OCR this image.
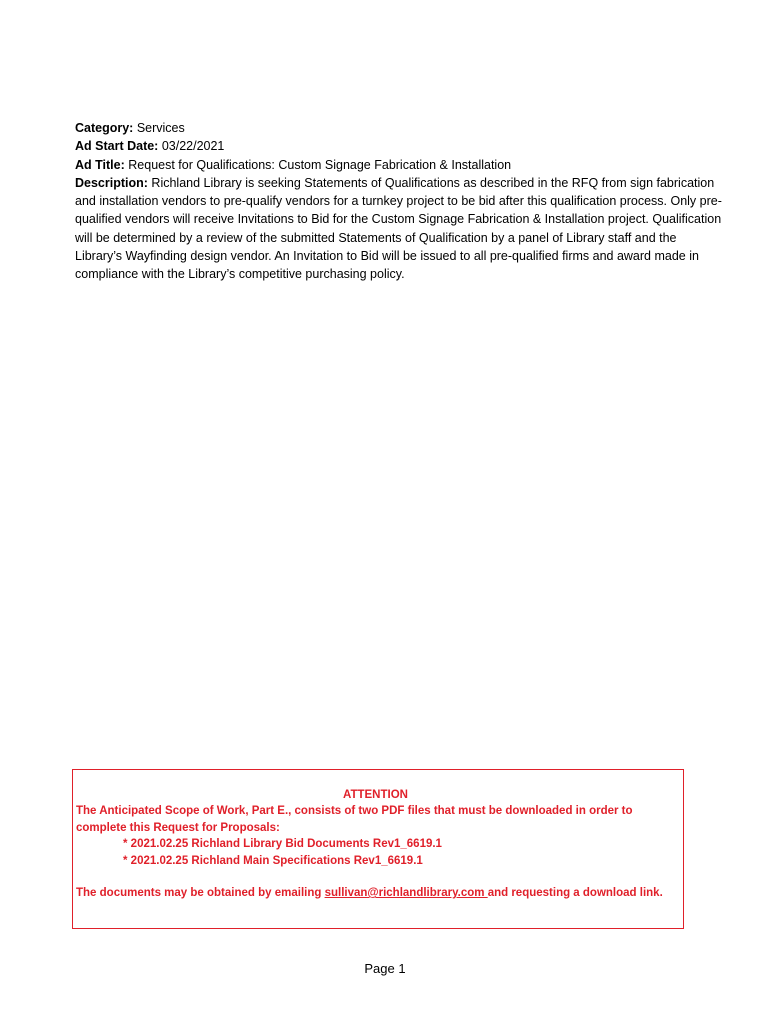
Category: Services

Ad Start Date: 03/22/2021

Ad Title: Request for Qualifications: Custom Signage Fabrication & Installation

Description: Richland Library is seeking Statements of Qualifications as described in the RFQ from sign fabrication and installation vendors to pre-qualify vendors for a turnkey project to be bid after this qualification process. Only pre-qualified vendors will receive Invitations to Bid for the Custom Signage Fabrication & Installation project. Qualification will be determined by a review of the submitted Statements of Qualification by a panel of Library staff and the Library’s Wayfinding design vendor. An Invitation to Bid will be issued to all pre-qualified firms and award made in compliance with the Library’s competitive purchasing policy.

ATTENTION

The Anticipated Scope of Work, Part E., consists of two PDF files that must be downloaded in order to complete this Request for Proposals:

* 2021.02.25 Richland Library Bid Documents Rev1_6619.1
* 2021.02.25 Richland Main Specifications Rev1_6619.1

The documents may be obtained by emailing sullivan@richlandlibrary.com and requesting a download link.

Page 1
